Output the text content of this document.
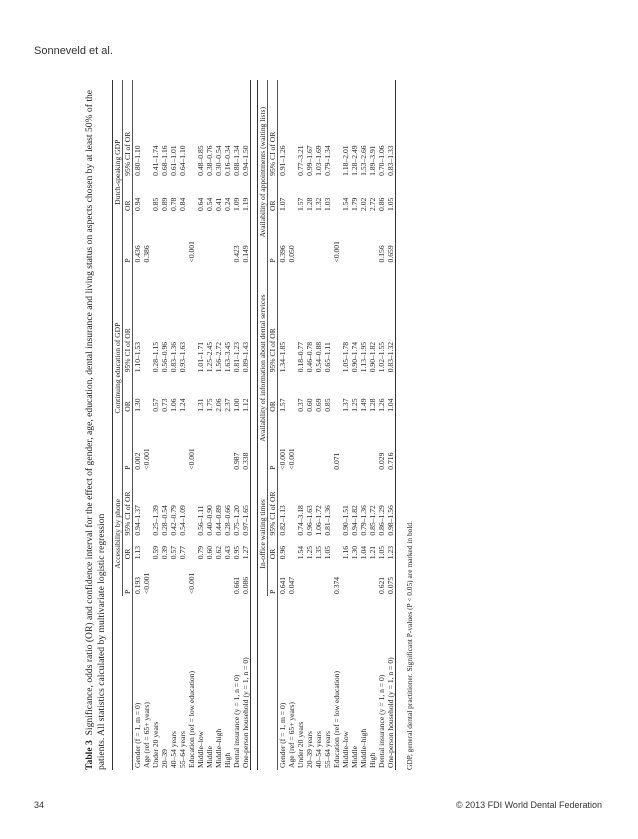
Sonneveld et al.

Table 3  Significance, odds ratio (OR) and confidence interval for the effect of gender, age, education, dental insurance and living status on aspects chosen by at least 50% of the patients. All statistics calculated by multivariate logistic regression

	Accessibility by phone			Continuing education of GDP			Dutch-speaking GDP		
	P	OR	95% CI of OR	P	OR	95% CI of OR	P	OR	95% CI of OR
Gender (f = 1, m = 0)	0.193	1.13	0.94–1.37	0.002	1.30	1.10–1.53	0.436	0.94	0.80–1.10
Age (ref = 65+ years)	<0.001			<0.001			0.386		
Under 20 years		0.59	0.25–1.39		0.57	0.28–1.15		0.85	0.41–1.74
20–39		0.39	0.28–0.54		0.73	0.56–0.96		0.89	0.68–1.16
40–54 years		0.57	0.42–0.79		1.06	0.83–1.36		0.78	0.61–1.01
55–64 years		0.77	0.54–1.09		1.24	0.93–1.63		0.84	0.64–1.10
Education (ref = low education)	<0.001			<0.001			<0.001		
Middle–low		0.79	0.56–1.11		1.31	1.01–1.71		0.64	0.48–0.85
Middle		0.60	0.40–0.90		1.75	1.25–2.45		0.54	0.38–0.76
Middle–high		0.62	0.44–0.89		2.06	1.56–2.72		0.41	0.30–0.54
High		0.43	0.28–0.66		2.37	1.63–3.45		0.24	0.16–0.34
Dental insurance (y = 1, n = 0)	0.661	0.95	0.75–1.20	0.987	1.00	0.81–1.23	0.423	1.09	0.88–1.34
One-person household (y = 1, n = 0)	0.086	1.27	0.97–1.65	0.338	1.12	0.89–1.43	0.149	1.19	0.94–1.50

	In-office waiting times			Availability of information about dental services			Availability of appointments (waiting lists)		
	P	OR	95% CI of OR	P	OR	95% CI of OR	P	OR	95% CI of OR
Gender (f = 1, m = 0)	0.641	0.96	0.82–1.13	<0.001	1.57	1.34–1.85	0.396	1.07	0.91–1.26
Age (ref = 65+ years)	0.047			<0.001			0.050		
Under 20 years		1.54	0.74–3.18		0.37	0.18–0.77		1.57	0.77–3.21
20–39 years		1.25	0.96–1.63		0.60	0.46–0.78		1.28	0.99–1.67
40–54 years		1.35	1.06–1.72		0.69	0.54–0.88		1.32	1.03–1.69
55–64 years		1.05	0.81–1.36		0.85	0.65–1.11		1.03	0.79–1.34
Education (ref = low education)	0.374			0.071			<0.001		
Middle–low		1.16	0.90–1.51		1.37	1.05–1.78		1.54	1.18–2.01
Middle		1.30	0.94–1.82		1.25	0.90–1.74		1.79	1.28–2.49
Middle–high		1.04	0.79–1.36		1.49	1.13–1.95		2.02	1.53–2.66
High		1.21	0.85–1.72		1.28	0.90–1.82		2.72	1.89–3.91
Dental insurance (y = 1, n = 0)	0.621	1.05	0.86–1.29	0.029	1.26	1.02–1.55	0.156	0.86	0.70–1.06
One-person household (y = 1, n = 0)	0.075	1.23	0.98–1.56	0.716	1.04	0.83–1.32	0.659	1.05	0.83–1.33

GDP, general dental practitioner. Significant P-values (P < 0.05) are marked in bold.
34	© 2013 FDI World Dental Federation
